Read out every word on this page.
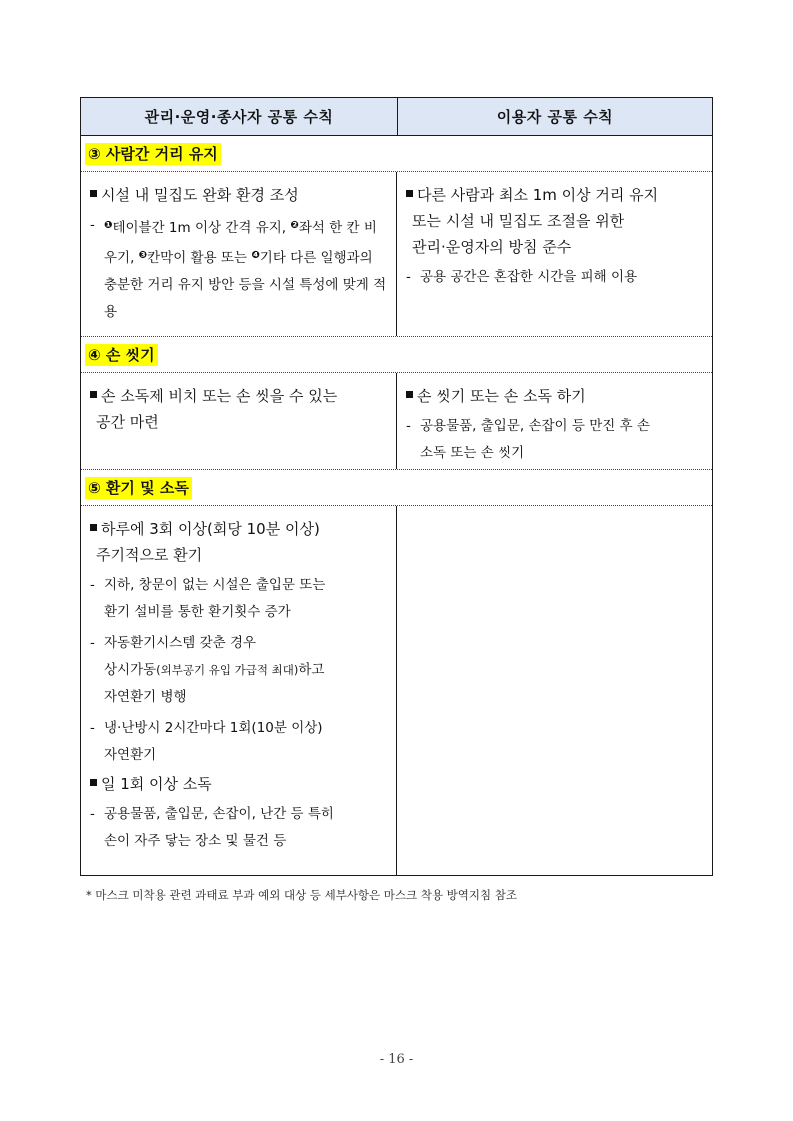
관리·운영·종사자 공통 수칙	이용자 공통 수칙
③ 사람간 거리 유지
시설 내 밀집도 완화 환경 조성
- $^❶$테이블간 1m 이상 간격 유지, $^❷$좌석 한 칸 비우기, $^❸$칸막이 활용 또는 $^❹$기타 다른 일행과의 충분한 거리 유지 방안 등을 시설 특성에 맞게 적용
다른 사람과 최소 1m 이상 거리 유지
또는 시설 내 밀집도 조절을 위한
관리·운영자의 방침 준수
- 공용 공간은 혼잡한 시간을 피해 이용
④ 손 씻기
손 소독제 비치 또는 손 씻을 수 있는
공간 마련
손 씻기 또는 손 소독 하기
- 공용물품, 출입문, 손잡이 등 만진 후 손
소독 또는 손 씻기
⑤ 환기 및 소독
하루에 3회 이상(회당 10분 이상)
주기적으로 환기
- 지하, 창문이 없는 시설은 출입문 또는
환기 설비를 통한 환기횟수 증가
- 자동환기시스템 갖춘 경우
상시가동(외부공기 유입 가급적 최대)하고
자연환기 병행
- 냉·난방시 2시간마다 1회(10분 이상)
자연환기
일 1회 이상 소독
- 공용물품, 출입문, 손잡이, 난간 등 특히
손이 자주 닿는 장소 및 물건 등
* 마스크 미착용 관련 과태료 부과 예외 대상 등 세부사항은 마스크 착용 방역지침 참조
- 16 -
